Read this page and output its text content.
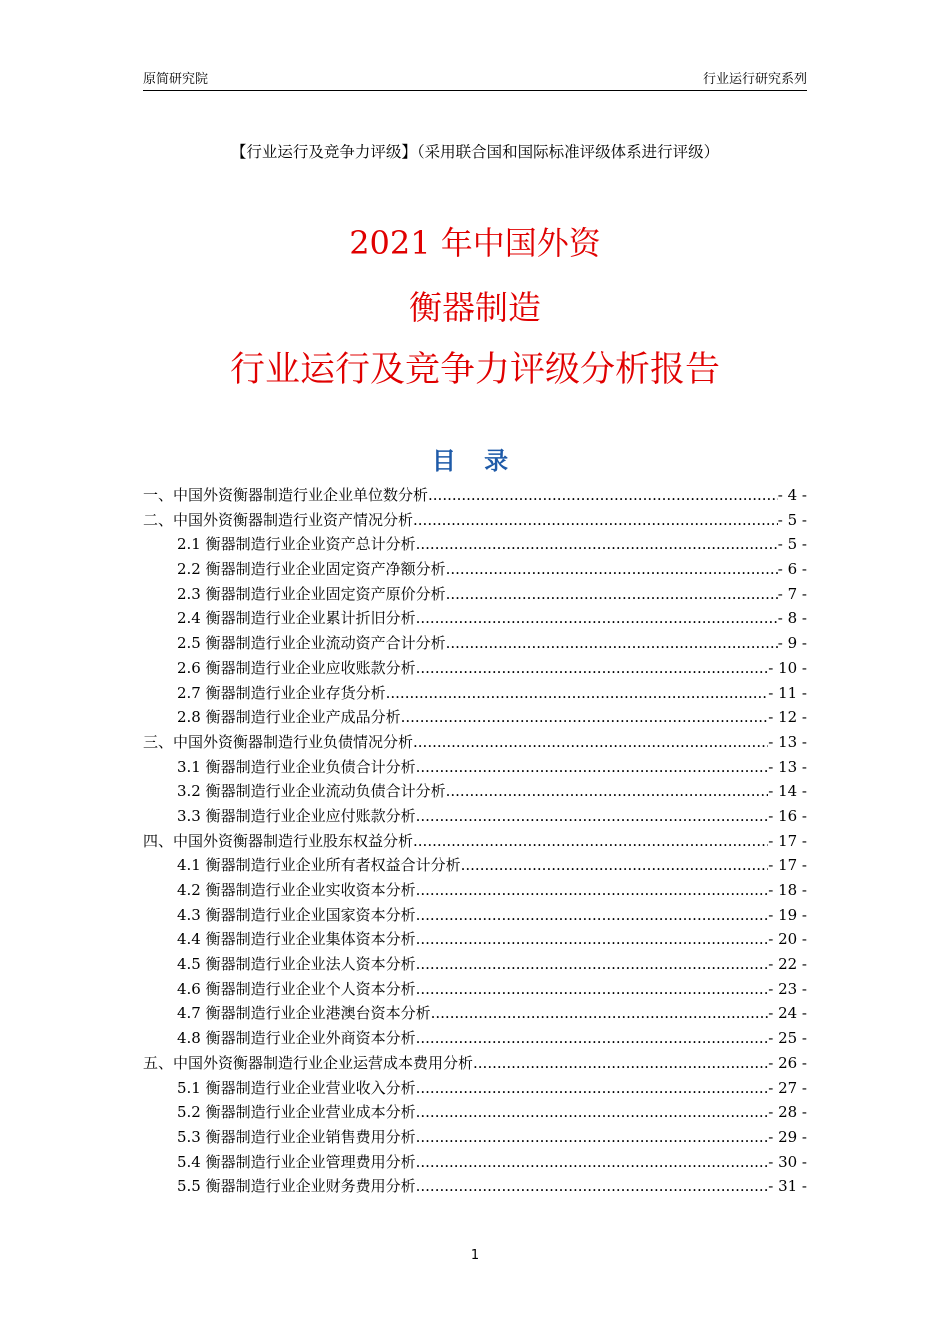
原简研究院	行业运行研究系列
【行业运行及竞争力评级】（采用联合国和国际标准评级体系进行评级）
2021 年中国外资
衡器制造
行业运行及竞争力评级分析报告
目 录
一、中国外资衡器制造行业企业单位数分析 .....	- 4 -
二、中国外资衡器制造行业资产情况分析 .....	- 5 -
2.1 衡器制造行业企业资产总计分析 .....	- 5 -
2.2 衡器制造行业企业固定资产净额分析 .....	- 6 -
2.3 衡器制造行业企业固定资产原价分析 .....	- 7 -
2.4 衡器制造行业企业累计折旧分析 .....	- 8 -
2.5 衡器制造行业企业流动资产合计分析 .....	- 9 -
2.6 衡器制造行业企业应收账款分析 .....	- 10 -
2.7 衡器制造行业企业存货分析 .....	- 11 -
2.8 衡器制造行业企业产成品分析 .....	- 12 -
三、中国外资衡器制造行业负债情况分析 .....	- 13 -
3.1 衡器制造行业企业负债合计分析 .....	- 13 -
3.2 衡器制造行业企业流动负债合计分析 .....	- 14 -
3.3 衡器制造行业企业应付账款分析 .....	- 16 -
四、中国外资衡器制造行业股东权益分析 .....	- 17 -
4.1 衡器制造行业企业所有者权益合计分析 .....	- 17 -
4.2 衡器制造行业企业实收资本分析 .....	- 18 -
4.3 衡器制造行业企业国家资本分析 .....	- 19 -
4.4 衡器制造行业企业集体资本分析 .....	- 20 -
4.5 衡器制造行业企业法人资本分析 .....	- 22 -
4.6 衡器制造行业企业个人资本分析 .....	- 23 -
4.7 衡器制造行业企业港澳台资本分析 .....	- 24 -
4.8 衡器制造行业企业外商资本分析 .....	- 25 -
五、中国外资衡器制造行业企业运营成本费用分析 .....	- 26 -
5.1 衡器制造行业企业营业收入分析 .....	- 27 -
5.2 衡器制造行业企业营业成本分析 .....	- 28 -
5.3 衡器制造行业企业销售费用分析 .....	- 29 -
5.4 衡器制造行业企业管理费用分析 .....	- 30 -
5.5 衡器制造行业企业财务费用分析 .....	- 31 -
1
